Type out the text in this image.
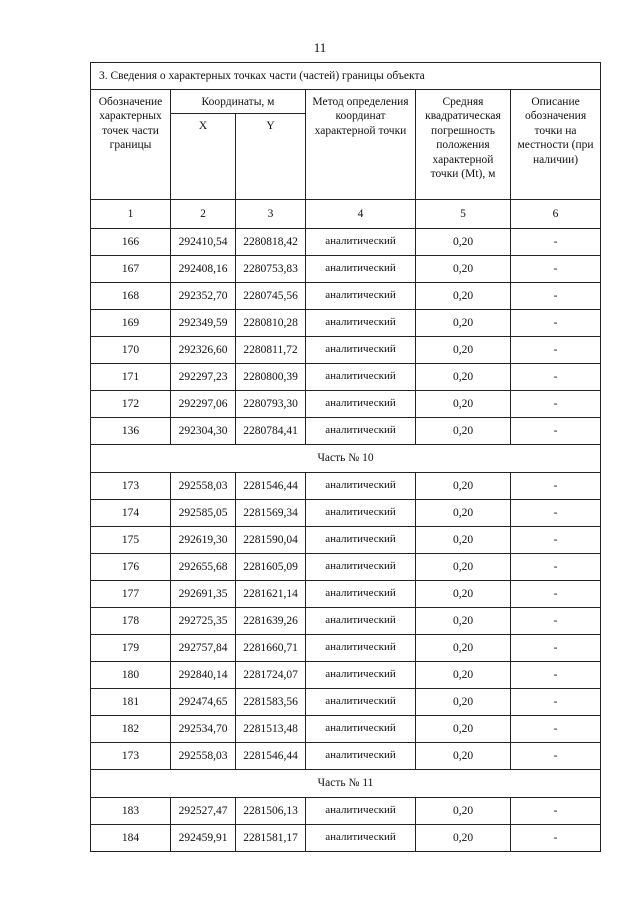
11
3. Сведения о характерных точках части (частей) границы объекта					
Обозначение характерных точек части границы	Координаты, м		Метод определения координат характерной точки	Средняя квадратическая погрешность положения характерной точки (Mt), м	Описание обозначения точки на местности (при наличии)
	X	Y			
1	2	3	4	5	6
166	292410,54	2280818,42	аналитический	0,20	-
167	292408,16	2280753,83	аналитический	0,20	-
168	292352,70	2280745,56	аналитический	0,20	-
169	292349,59	2280810,28	аналитический	0,20	-
170	292326,60	2280811,72	аналитический	0,20	-
171	292297,23	2280800,39	аналитический	0,20	-
172	292297,06	2280793,30	аналитический	0,20	-
136	292304,30	2280784,41	аналитический	0,20	-
Часть № 10					
173	292558,03	2281546,44	аналитический	0,20	-
174	292585,05	2281569,34	аналитический	0,20	-
175	292619,30	2281590,04	аналитический	0,20	-
176	292655,68	2281605,09	аналитический	0,20	-
177	292691,35	2281621,14	аналитический	0,20	-
178	292725,35	2281639,26	аналитический	0,20	-
179	292757,84	2281660,71	аналитический	0,20	-
180	292840,14	2281724,07	аналитический	0,20	-
181	292474,65	2281583,56	аналитический	0,20	-
182	292534,70	2281513,48	аналитический	0,20	-
173	292558,03	2281546,44	аналитический	0,20	-
Часть № 11					
183	292527,47	2281506,13	аналитический	0,20	-
184	292459,91	2281581,17	аналитический	0,20	-
